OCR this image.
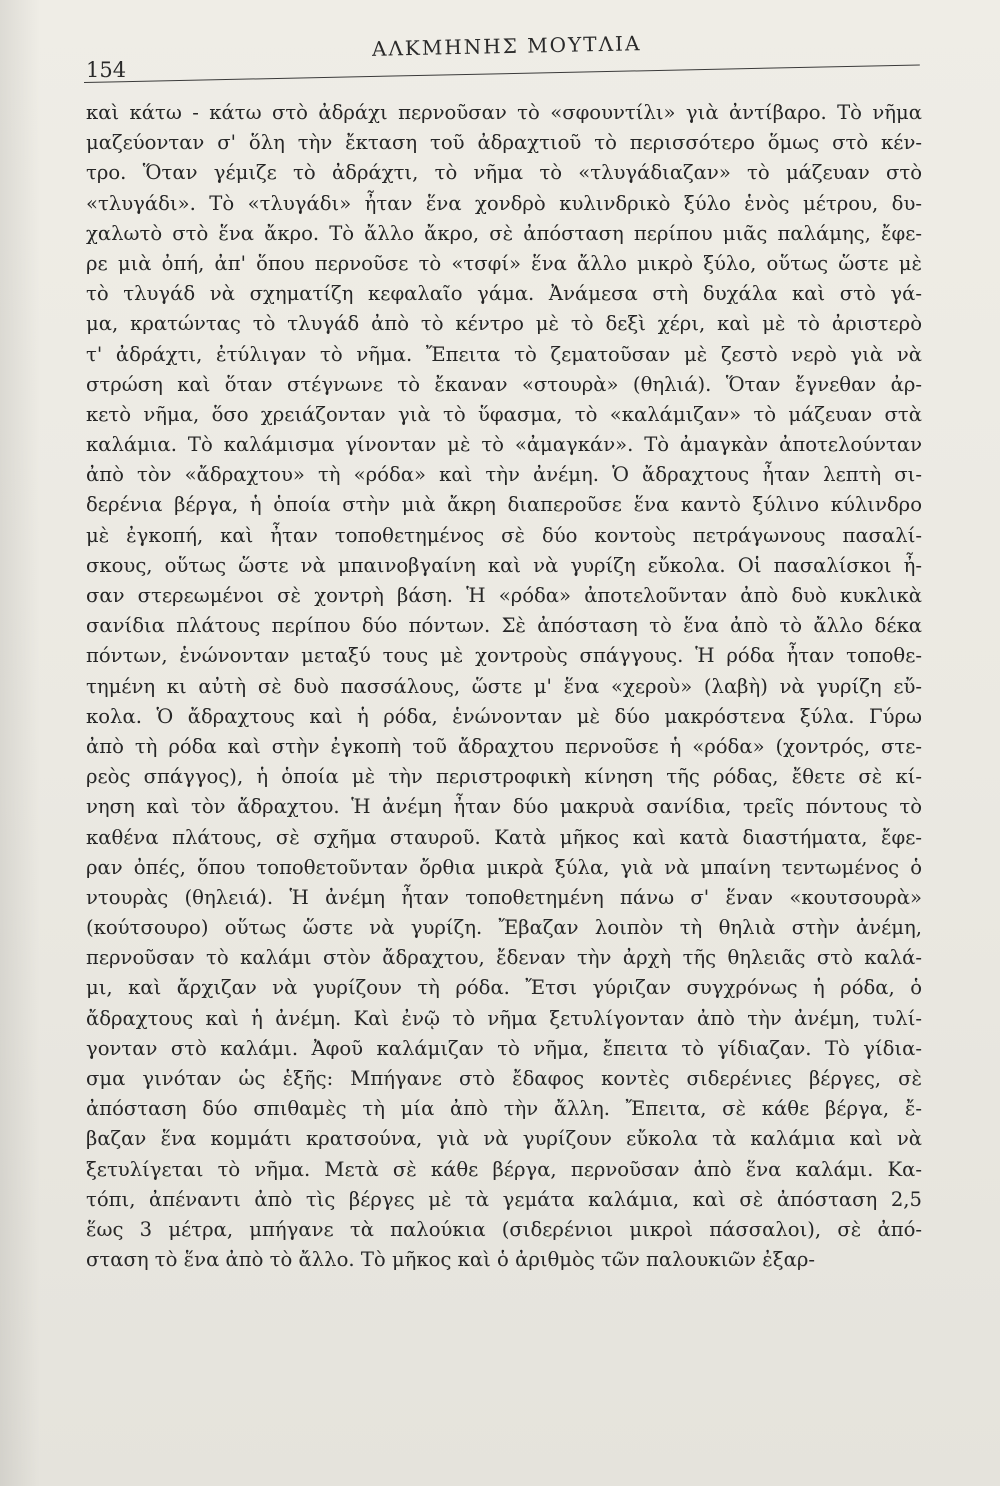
154
ΑΛΚΜΗΝΗΣ ΜΟΥΤΛΙΑ
καὶ κάτω - κάτω στὸ ἀδράχι περνοῦσαν τὸ «σφουντίλι» γιὰ ἀντίβαρο. Τὸ νῆμα
μαζεύονταν σ' ὅλη τὴν ἔκταση τοῦ ἀδραχτιοῦ τὸ περισσότερο ὅμως στὸ κέν-
τρο. Ὅταν γέμιζε τὸ ἀδράχτι, τὸ νῆμα τὸ «τλυγάδιαζαν» τὸ μάζευαν στὸ
«τλυγάδι». Τὸ «τλυγάδι» ἦταν ἕνα χονδρὸ κυλινδρικὸ ξύλο ἑνὸς μέτρου, δυ-
χαλωτὸ στὸ ἕνα ἄκρο. Τὸ ἄλλο ἄκρο, σὲ ἀπόσταση περίπου μιᾶς παλάμης, ἔφε-
ρε μιὰ ὀπή, ἀπ' ὅπου περνοῦσε τὸ «τσφί» ἕνα ἄλλο μικρὸ ξύλο, οὕτως ὥστε μὲ
τὸ τλυγάδ νὰ σχηματίζη κεφαλαῖο γάμα. Ἀνάμεσα στὴ δυχάλα καὶ στὸ γά-
μα, κρατώντας τὸ τλυγάδ ἀπὸ τὸ κέντρο μὲ τὸ δεξὶ χέρι, καὶ μὲ τὸ ἀριστερὸ
τ' ἀδράχτι, ἐτύλιγαν τὸ νῆμα. Ἔπειτα τὸ ζεματοῦσαν μὲ ζεστὸ νερὸ γιὰ νὰ
στρώση καὶ ὅταν στέγνωνε τὸ ἔκαναν «στουρὰ» (θηλιά). Ὅταν ἔγνεθαν ἀρ-
κετὸ νῆμα, ὅσο χρειάζονταν γιὰ τὸ ὕφασμα, τὸ «καλάμιζαν» τὸ μάζευαν στὰ
καλάμια. Τὸ καλάμισμα γίνονταν μὲ τὸ «ἀμαγκάν». Τὸ ἀμαγκὰν ἀποτελούνταν
ἀπὸ τὸν «ἄδραχτου» τὴ «ρόδα» καὶ τὴν ἀνέμη. Ὁ ἄδραχτους ἦταν λεπτὴ σι-
δερένια βέργα, ἡ ὁποία στὴν μιὰ ἄκρη διαπεροῦσε ἕνα καντὸ ξύλινο κύλινδρο
μὲ ἐγκοπή, καὶ ἦταν τοποθετημένος σὲ δύο κοντοὺς πετράγωνους πασαλί-
σκους, οὕτως ὥστε νὰ μπαινοβγαίνη καὶ νὰ γυρίζη εὔκολα. Οἱ πασαλίσκοι ἦ-
σαν στερεωμένοι σὲ χοντρὴ βάση. Ἡ «ρόδα» ἀποτελοῦνταν ἀπὸ δυὸ κυκλικὰ
σανίδια πλάτους περίπου δύο πόντων. Σὲ ἀπόσταση τὸ ἕνα ἀπὸ τὸ ἄλλο δέκα
πόντων, ἑνώνονταν μεταξύ τους μὲ χοντροὺς σπάγγους. Ἡ ρόδα ἦταν τοποθε-
τημένη κι αὐτὴ σὲ δυὸ πασσάλους, ὥστε μ' ἕνα «χεροὺ» (λαβὴ) νὰ γυρίζη εὔ-
κολα. Ὁ ἄδραχτους καὶ ἡ ρόδα, ἑνώνονταν μὲ δύο μακρόστενα ξύλα. Γύρω
ἀπὸ τὴ ρόδα καὶ στὴν ἐγκοπὴ τοῦ ἄδραχτου περνοῦσε ἡ «ρόδα» (χοντρός, στε-
ρεὸς σπάγγος), ἡ ὁποία μὲ τὴν περιστροφικὴ κίνηση τῆς ρόδας, ἔθετε σὲ κί-
νηση καὶ τὸν ἄδραχτου. Ἡ ἀνέμη ἦταν δύο μακρυὰ σανίδια, τρεῖς πόντους τὸ
καθένα πλάτους, σὲ σχῆμα σταυροῦ. Κατὰ μῆκος καὶ κατὰ διαστήματα, ἔφε-
ραν ὀπές, ὅπου τοποθετοῦνταν ὄρθια μικρὰ ξύλα, γιὰ νὰ μπαίνη τεντωμένος ὁ
ντουρὰς (θηλειά). Ἡ ἀνέμη ἦταν τοποθετημένη πάνω σ' ἕναν «κουτσουρὰ»
(κούτσουρο) οὕτως ὥστε νὰ γυρίζη. Ἔβαζαν λοιπὸν τὴ θηλιὰ στὴν ἀνέμη,
περνοῦσαν τὸ καλάμι στὸν ἄδραχτου, ἔδεναν τὴν ἀρχὴ τῆς θηλειᾶς στὸ καλά-
μι, καὶ ἄρχιζαν νὰ γυρίζουν τὴ ρόδα. Ἔτσι γύριζαν συγχρόνως ἡ ρόδα, ὁ
ἄδραχτους καὶ ἡ ἀνέμη. Καὶ ἐνῷ τὸ νῆμα ξετυλίγονταν ἀπὸ τὴν ἀνέμη, τυλί-
γονταν στὸ καλάμι. Ἀφοῦ καλάμιζαν τὸ νῆμα, ἔπειτα τὸ γίδιαζαν. Τὸ γίδια-
σμα γινόταν ὡς ἑξῆς: Μπήγανε στὸ ἔδαφος κοντὲς σιδερένιες βέργες, σὲ
ἀπόσταση δύο σπιθαμὲς τὴ μία ἀπὸ τὴν ἄλλη. Ἔπειτα, σὲ κάθε βέργα, ἔ-
βαζαν ἕνα κομμάτι κρατσούνα, γιὰ νὰ γυρίζουν εὔκολα τὰ καλάμια καὶ νὰ
ξετυλίγεται τὸ νῆμα. Μετὰ σὲ κάθε βέργα, περνοῦσαν ἀπὸ ἕνα καλάμι. Κα-
τόπι, ἀπέναντι ἀπὸ τὶς βέργες μὲ τὰ γεμάτα καλάμια, καὶ σὲ ἀπόσταση 2,5
ἕως 3 μέτρα, μπήγανε τὰ παλούκια (σιδερένιοι μικροὶ πάσσαλοι), σὲ ἀπό-
σταση τὸ ἕνα ἀπὸ τὸ ἄλλο. Τὸ μῆκος καὶ ὁ ἀριθμὸς τῶν παλουκιῶν ἐξαρ-
